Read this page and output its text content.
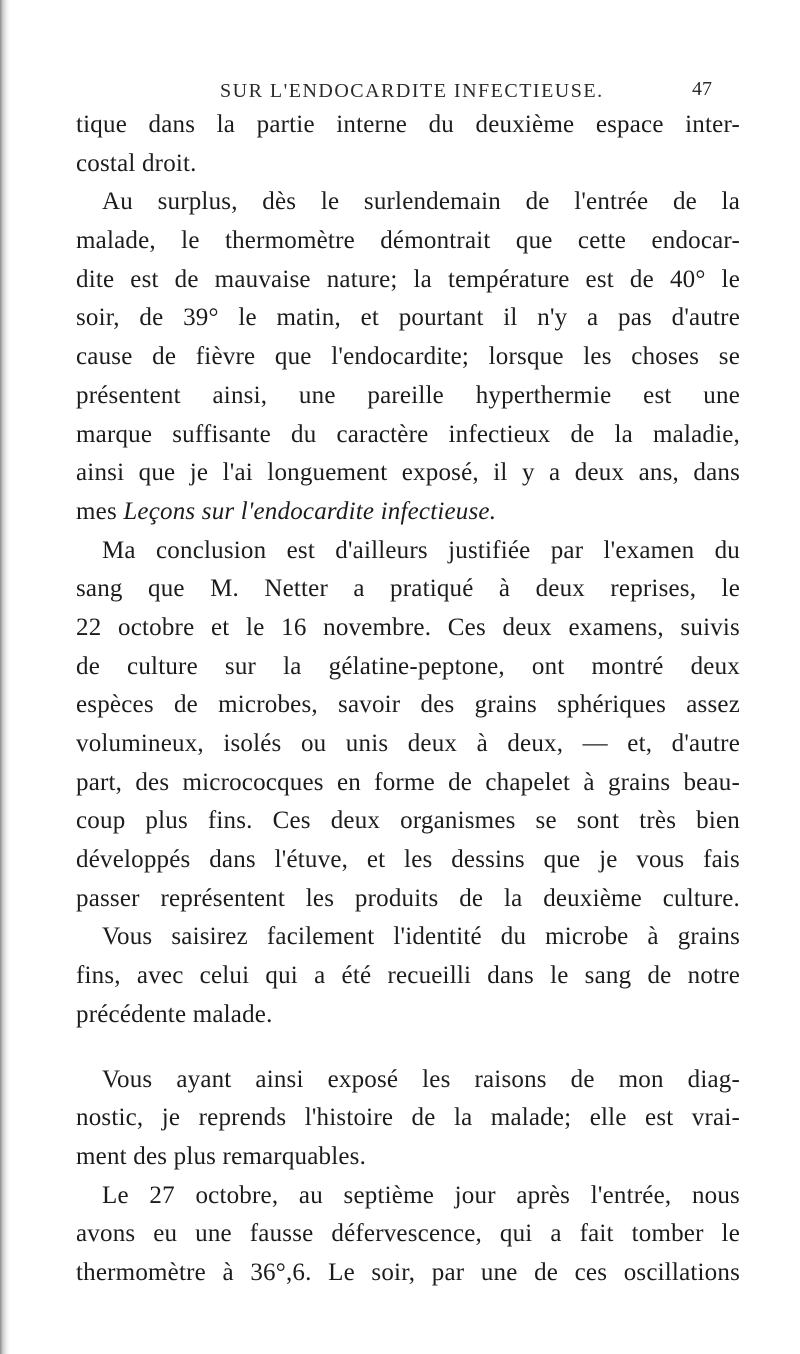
SUR L'ENDOCARDITE INFECTIEUSE.	47
tique dans la partie interne du deuxième espace inter-
costal droit.
Au surplus, dès le surlendemain de l'entrée de la
malade, le thermomètre démontrait que cette endocar-
dite est de mauvaise nature; la température est de 40° le
soir, de 39° le matin, et pourtant il n'y a pas d'autre
cause de fièvre que l'endocardite; lorsque les choses se
présentent ainsi, une pareille hyperthermie est une
marque suffisante du caractère infectieux de la maladie,
ainsi que je l'ai longuement exposé, il y a deux ans, dans
mes Leçons sur l'endocardite infectieuse.
Ma conclusion est d'ailleurs justifiée par l'examen du
sang que M. Netter a pratiqué à deux reprises, le
22 octobre et le 16 novembre. Ces deux examens, suivis
de culture sur la gélatine-peptone, ont montré deux
espèces de microbes, savoir des grains sphériques assez
volumineux, isolés ou unis deux à deux, — et, d'autre
part, des micrococques en forme de chapelet à grains beau-
coup plus fins. Ces deux organismes se sont très bien
développés dans l'étuve, et les dessins que je vous fais
passer représentent les produits de la deuxième culture.
Vous saisirez facilement l'identité du microbe à grains
fins, avec celui qui a été recueilli dans le sang de notre
précédente malade.
Vous ayant ainsi exposé les raisons de mon diag-
nostic, je reprends l'histoire de la malade; elle est vrai-
ment des plus remarquables.
Le 27 octobre, au septième jour après l'entrée, nous
avons eu une fausse défervescence, qui a fait tomber le
thermomètre à 36°,6. Le soir, par une de ces oscillations
